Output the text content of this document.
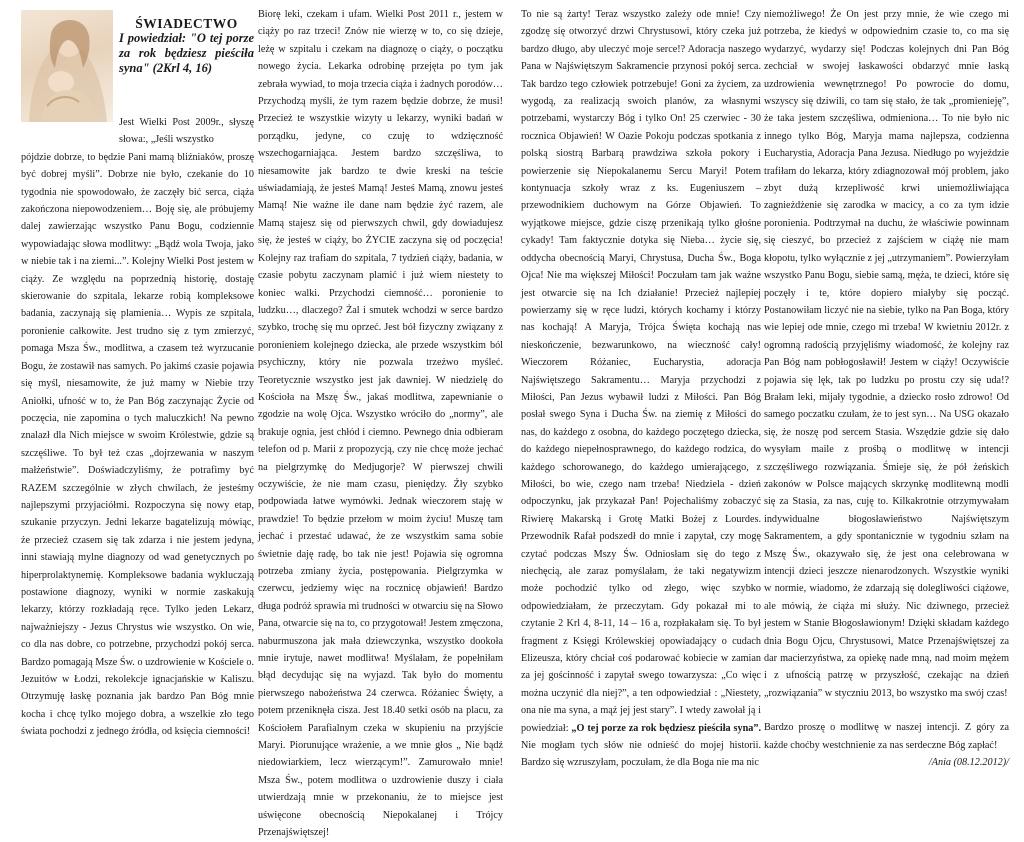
ŚWIADECTWO

I powiedział: "O tej porze za rok będziesz pieściła syna" (2Krl 4, 16)

Jest Wielki Post 2009r., słyszę słowa:, „Jeśli wszystko

pójdzie dobrze, to będzie Pani mamą bliźniaków, proszę być dobrej myśli”. Dobrze nie było, czekanie do 10 tygodnia nie spowodowało, że zaczęły bić serca, ciąża zakończona niepowodzeniem… Boję się, ale próbujemy dalej zawierzając wszystko Panu Bogu, codziennie wypowiadając słowa modlitwy: „Bądź wola Twoja, jako w niebie tak i na ziemi...”. Kolejny Wielki Post jestem w ciąży. Ze względu na poprzednią historię, dostaję skierowanie do szpitala, lekarze robią kompleksowe badania, zaczynają się plamienia… Wypis ze szpitala, poronienie całkowite. Jest trudno się z tym zmierzyć, pomaga Msza Św., modlitwa, a czasem też wyrzucanie Bogu, że zostawił nas samych. Po jakimś czasie pojawia się myśl, niesamowite, że już mamy w Niebie trzy Aniołki, ufność w to, że Pan Bóg zaczynając Życie od poczęcia, nie zapomina o tych maluczkich! Na pewno znalazł dla Nich miejsce w swoim Królestwie, gdzie są szczęśliwe. To był też czas „dojrzewania w naszym małżeństwie”. Doświadczyliśmy, że potrafimy być RAZEM szczególnie w złych chwilach, że jesteśmy najlepszymi przyjaciółmi. Rozpoczyna się nowy etap, szukanie przyczyn. Jedni lekarze bagatelizują mówiąc, że przecież czasem się tak zdarza i nie jestem jedyna, inni stawiają mylne diagnozy od wad genetycznych po hiperprolaktynemię. Kompleksowe badania wykluczają postawione diagnozy, wyniki w normie zaskakują lekarzy, którzy rozkładają ręce. Tylko jeden Lekarz, najważniejszy - Jezus Chrystus wie wszystko. On wie, co dla nas dobre, co potrzebne, przychodzi pokój serca. Bardzo pomagają Msze Św. o uzdrowienie w Kościele o. Jezuitów w Łodzi, rekolekcje ignacjańskie w Kaliszu. Otrzymuję łaskę poznania jak bardzo Pan Bóg mnie kocha i chcę tylko mojego dobra, a wszelkie zło tego świata pochodzi z jednego źródła, od księcia ciemności!

Biorę leki, czekam i ufam. Wielki Post 2011 r., jestem w ciąży po raz trzeci! Znów nie wierzę w to, co się dzieje, leżę w szpitalu i czekam na diagnozę o ciąży, o początku nowego życia. Lekarka odrobinę przejęta po tym jak zebrała wywiad, to moja trzecia ciąża i żadnych porodów… Przychodzą myśli, że tym razem będzie dobrze, że musi! Przecież te wszystkie wizyty u lekarzy, wyniki badań w porządku, jedyne, co czuję to wdzięczność wszechogarniająca. Jestem bardzo szczęśliwa, to niesamowite jak bardzo te dwie kreski na teście uświadamiają, że jesteś Mamą! Jesteś Mamą, znowu jesteś Mamą! Nie ważne ile dane nam będzie żyć razem, ale Mamą stajesz się od pierwszych chwil, gdy dowiadujesz się, że jesteś w ciąży, bo ŻYCIE zaczyna się od poczęcia! Kolejny raz trafiam do szpitala, 7 tydzień ciąży, badania, w czasie pobytu zaczynam plamić i już wiem niestety to koniec walki. Przychodzi ciemność… poronienie to ludzku…, dlaczego? Żal i smutek wchodzi w serce bardzo szybko, trochę się mu oprzeć. Jest bół fizyczny związany z poronieniem kolejnego dziecka, ale przede wszystkim ból psychiczny, który nie pozwala trzeźwo myśleć. Teoretycznie wszystko jest jak dawniej. W niedzielę do Kościoła na Mszę Św., jakaś modlitwa, zapewnianie o zgodzie na wolę Ojca. Wszystko wróciło do „normy”, ale brakuje ognia, jest chłód i ciemno. Pewnego dnia odbieram telefon od p. Marii z propozycją, czy nie chcę może jechać na pielgrzymkę do Medjugorje? W pierwszej chwili oczywiście, że nie mam czasu, pieniędzy. Źły szybko podpowiada łatwe wymówki. Jednak wieczorem staję w prawdzie! To będzie przełom w moim życiu! Muszę tam jechać i przestać udawać, że ze wszystkim sama sobie świetnie daję radę, bo tak nie jest! Pojawia się ogromna potrzeba zmiany życia, postępowania. Pielgrzymka w czerwcu, jedziemy więc na rocznicę objawień! Bardzo długa podróż sprawia mi trudności w otwarciu się na Słowo Pana, otwarcie się na to, co przygotował! Jestem zmęczona, naburmuszona jak mała dziewczynka, wszystko dookoła mnie irytuje, nawet modlitwa! Myślałam, że popełniłam błąd decydując się na wyjazd. Tak było do momentu pierwszego nabożeństwa 24 czerwca. Różaniec Święty, a potem przeniknęła cisza. Jest 18.40 setki osób na placu, za Kościołem Parafialnym czeka w skupieniu na przyjście Maryi. Piorunujące wrażenie, a we mnie głos „ Nie bądź niedowiarkiem, lecz wierzącym!”. Zamurowało mnie! Msza Św., potem modlitwa o uzdrowienie duszy i ciała utwierdzają mnie w przekonaniu, że to miejsce jest uświęcone obecnością Niepokalanej i Trójcy Przenajświętszej!

To nie są żarty! Teraz wszystko zależy ode mnie! Czy zgodzę się otworzyć drzwi Chrystusowi, który czeka już bardzo długo, aby uleczyć moje serce!? Adoracja naszego Pana w Najświętszym Sakramencie przynosi pokój serca. Tak bardzo tego człowiek potrzebuje! Goni za życiem, za wygodą, za realizacją swoich planów, za własnymi potrzebami, wystarczy Bóg i tylko On! 25 czerwiec - 30 rocznica Objawień! W Oazie Pokoju podczas spotkania z polską siostrą Barbarą prawdziwa szkoła pokory i powierzenie się Niepokalanemu Sercu Maryi! Potem kontynuacja szkoły wraz z ks. Eugeniuszem – przewodnikiem duchowym na Górze Objawień. To wyjątkowe miejsce, gdzie ciszę przenikają tylko głośne cykady! Tam faktycznie dotyka się Nieba… życie się, oddycha obecnością Maryi, Chrystusa, Ducha Św., Boga Ojca! Nie ma większej Miłości! Poczułam tam jak ważne jest otwarcie się na Ich działanie! Przecież najlepiej powierzamy się w ręce ludzi, których kochamy i którzy nas kochają! A Maryja, Trójca Święta kochają nas nieskończenie, bezwarunkowo, na wieczność cały! Wieczorem Różaniec, Eucharystia, adoracja Najświętszego Sakramentu… Maryja przychodzi z Miłości, Pan Jezus wybawił ludzi z Miłości. Pan Bóg posłał swego Syna i Ducha Św. na ziemię z Miłości do nas, do każdego z osobna, do każdego poczętego dziecka, do każdego niepełnosprawnego, do każdego rodzica, do każdego schorowanego, do każdego umierającego, z Miłości, bo wie, czego nam trzeba! Niedziela - dzień odpoczynku, jak przykazał Pan! Pojechaliśmy zobaczyć Riwierę Makarską i Grotę Matki Bożej z Lourdes. Przewodnik Rafał podszedł do mnie i zapytał, czy mogę czytać podczas Mszy Św. Odniosłam się do tego z niechęcią, ale zaraz pomyślałam, że taki negatywizm może pochodzić tylko od złego, więc szybko odpowiedziałam, że przeczytam. Gdy pokazał mi to czytanie 2 Krl 4, 8-11, 14 – 16 a, rozpłakałam się. To był fragment z Księgi Królewskiej opowiadający o cudach Elizeusza, który chciał coś podarować kobiecie w zamian za jej gościnność i zapytał swego towarzysza: „Co więc można uczynić dla niej?”, a ten odpowiedział : „Niestety, ona nie ma syna, a mąż jej jest stary”. I wtedy zawołał ją i powiedział: „O tej porze za rok będziesz pieściła syna”. Nie mogłam tych słów nie odnieść do mojej historii. Bardzo się wzruszyłam, poczułam, że dla Boga nie ma nic

niemożliwego! Że On jest przy mnie, że wie czego mi potrzeba, że kiedyś w odpowiednim czasie to, co ma się wydarzyć, wydarzy się! Podczas kolejnych dni Pan Bóg zechciał w swojej łaskawości obdarzyć mnie łaską uzdrowienia wewnętrznego! Po powrocie do domu, wszyscy się dziwili, co tam się stało, że tak „promienieję”, że taka jestem szczęśliwa, odmieniona… To nie było nic innego tylko Bóg, Maryja mama najlepsza, codzienna Eucharystia, Adoracja Pana Jezusa. Niedługo po wyjeździe trafiłam do lekarza, który zdiagnozował mój problem, jako zbyt dużą krzepliwość krwi uniemożliwiająca zagnieżdżenie się zarodka w macicy, a co za tym idzie poronienia. Podtrzymał na duchu, że właściwie powinnam się cieszyć, bo przecież z zajściem w ciążę nie mam kłopotu, tylko wyłącznie z jej „utrzymaniem”. Powierzyłam wszystko Panu Bogu, siebie samą, męża, te dzieci, które się poczęły i te, które dopiero miałyby się począć. Postanowiłam liczyć nie na siebie, tylko na Pan Boga, który wie lepiej ode mnie, czego mi trzeba! W kwietniu 2012r. z ogromną radością przyjęliśmy wiadomość, że kolejny raz Pan Bóg nam pobłogosławił! Jestem w ciąży! Oczywiście pojawia się lęk, tak po ludzku po prostu czy się uda!? Brałam leki, mijały tygodnie, a dziecko rosło zdrowo! Od samego poczatku czułam, że to jest syn… Na USG okazało się, że noszę pod sercem Stasia. Wszędzie gdzie się dało wysyłam maile z prośbą o modlitwę w intencji szczęśliwego rozwiązania. Śmieje się, że pół żeńskich zakonów w Polsce mających skrzynkę modlitewną modli się za Stasia, za nas, cuję to. Kilkakrotnie otrzymywałam indywidualne błogosławieństwo Najświętszym Sakramentem, a gdy spontanicznie w tygodniu szłam na Mszę Św., okazywało się, że jest ona celebrowana w intencji dzieci jeszcze nienarodzonych. Wszystkie wyniki w normie, wiadomo, że zdarzają się dolegliwości ciążowe, ale mówią, że ciąża mi służy. Nic dziwnego, przecież jestem w Stanie Błogosławionym! Dzięki składam każdego dnia Bogu Ojcu, Chrystusowi, Matce Przenajświętszej za dar macierzyństwa, za opiekę nade mną, nad moim mężem i z ufnością patrzę w przyszłość, czekając na dzień „rozwiązania” w styczniu 2013, bo wszystko ma swój czas!

Bardzo proszę o modlitwę w naszej intencji. Z góry za każde choćby westchnienie za nas serdeczne Bóg zapłać!

/Ania (08.12.2012)/
